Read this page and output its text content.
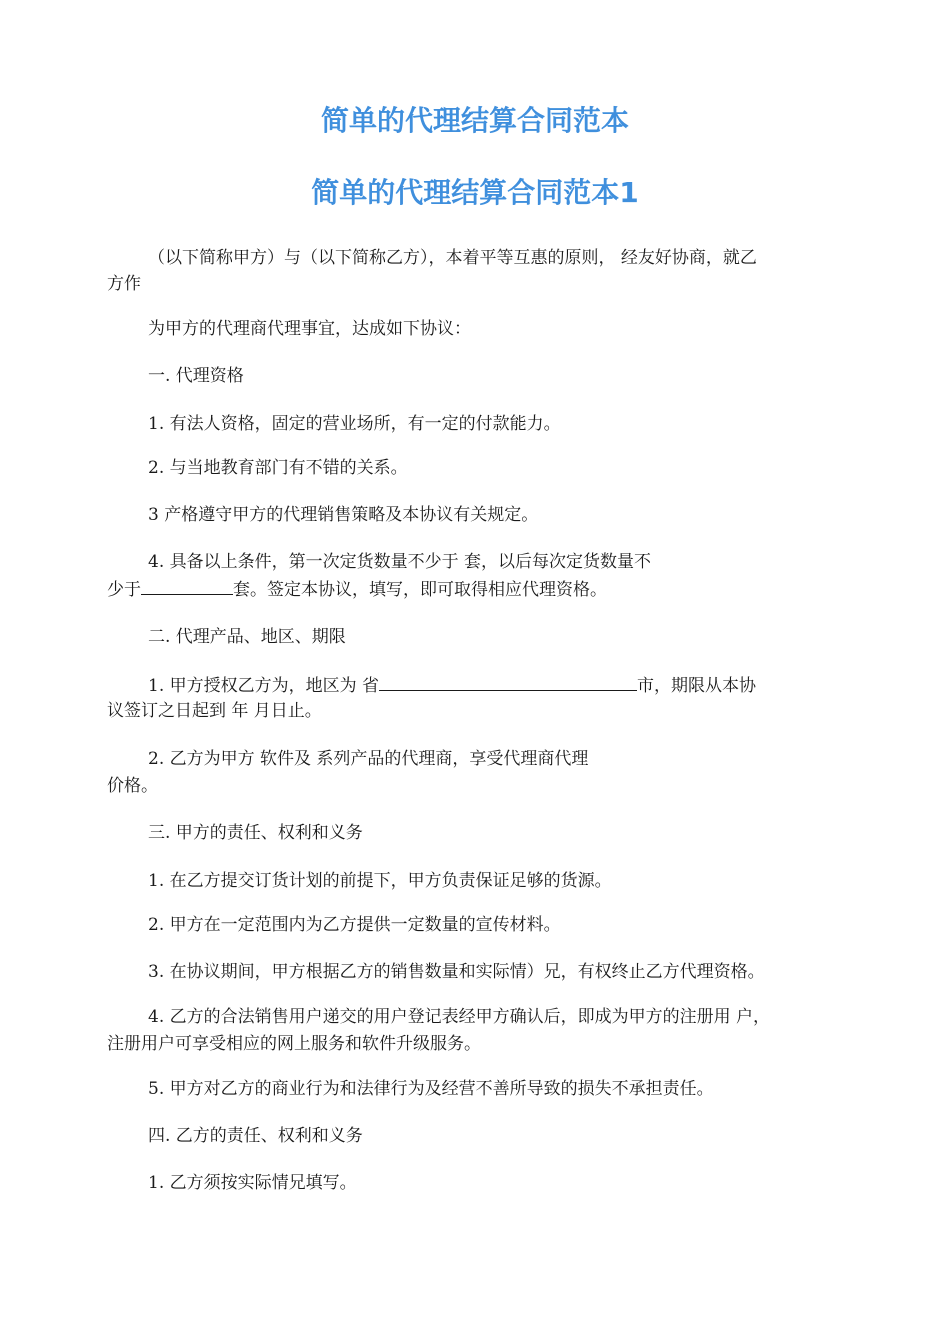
简单的代理结算合同范本
简单的代理结算合同范本1
（以下简称甲方）与（以下简称乙方），本着平等互惠的原则， 经友好协商，就乙
方作
为甲方的代理商代理事宜，达成如下协议：
一. 代理资格
1. 有法人资格，固定的营业场所，有一定的付款能力。
2. 与当地教育部门有不错的关系。
3 产格遵守甲方的代理销售策略及本协议有关规定。
4. 具备以上条件，第一次定货数量不少于 套，以后每次定货数量不
少于	套。签定本协议，填写，即可取得相应代理资格。
二. 代理产品、地区、期限
1. 甲方授权乙方为，地区为 省	市，期限从本协
议签订之日起到 年 月日止。
2. 乙方为甲方 软件及 系列产品的代理商，享受代理商代理
价格。
三. 甲方的责任、权利和义务
1. 在乙方提交订货计划的前提下，甲方负责保证足够的货源。
2. 甲方在一定范围内为乙方提供一定数量的宣传材料。
3. 在协议期间，甲方根据乙方的销售数量和实际情）兄，有权终止乙方代理资格。
4. 乙方的合法销售用户递交的用户登记表经甲方确认后，即成为甲方的注册用 户，
注册用户可享受相应的网上服务和软件升级服务。
5. 甲方对乙方的商业行为和法律行为及经营不善所导致的损失不承担责任。
四. 乙方的责任、权利和义务
1. 乙方须按实际情兄填写。
